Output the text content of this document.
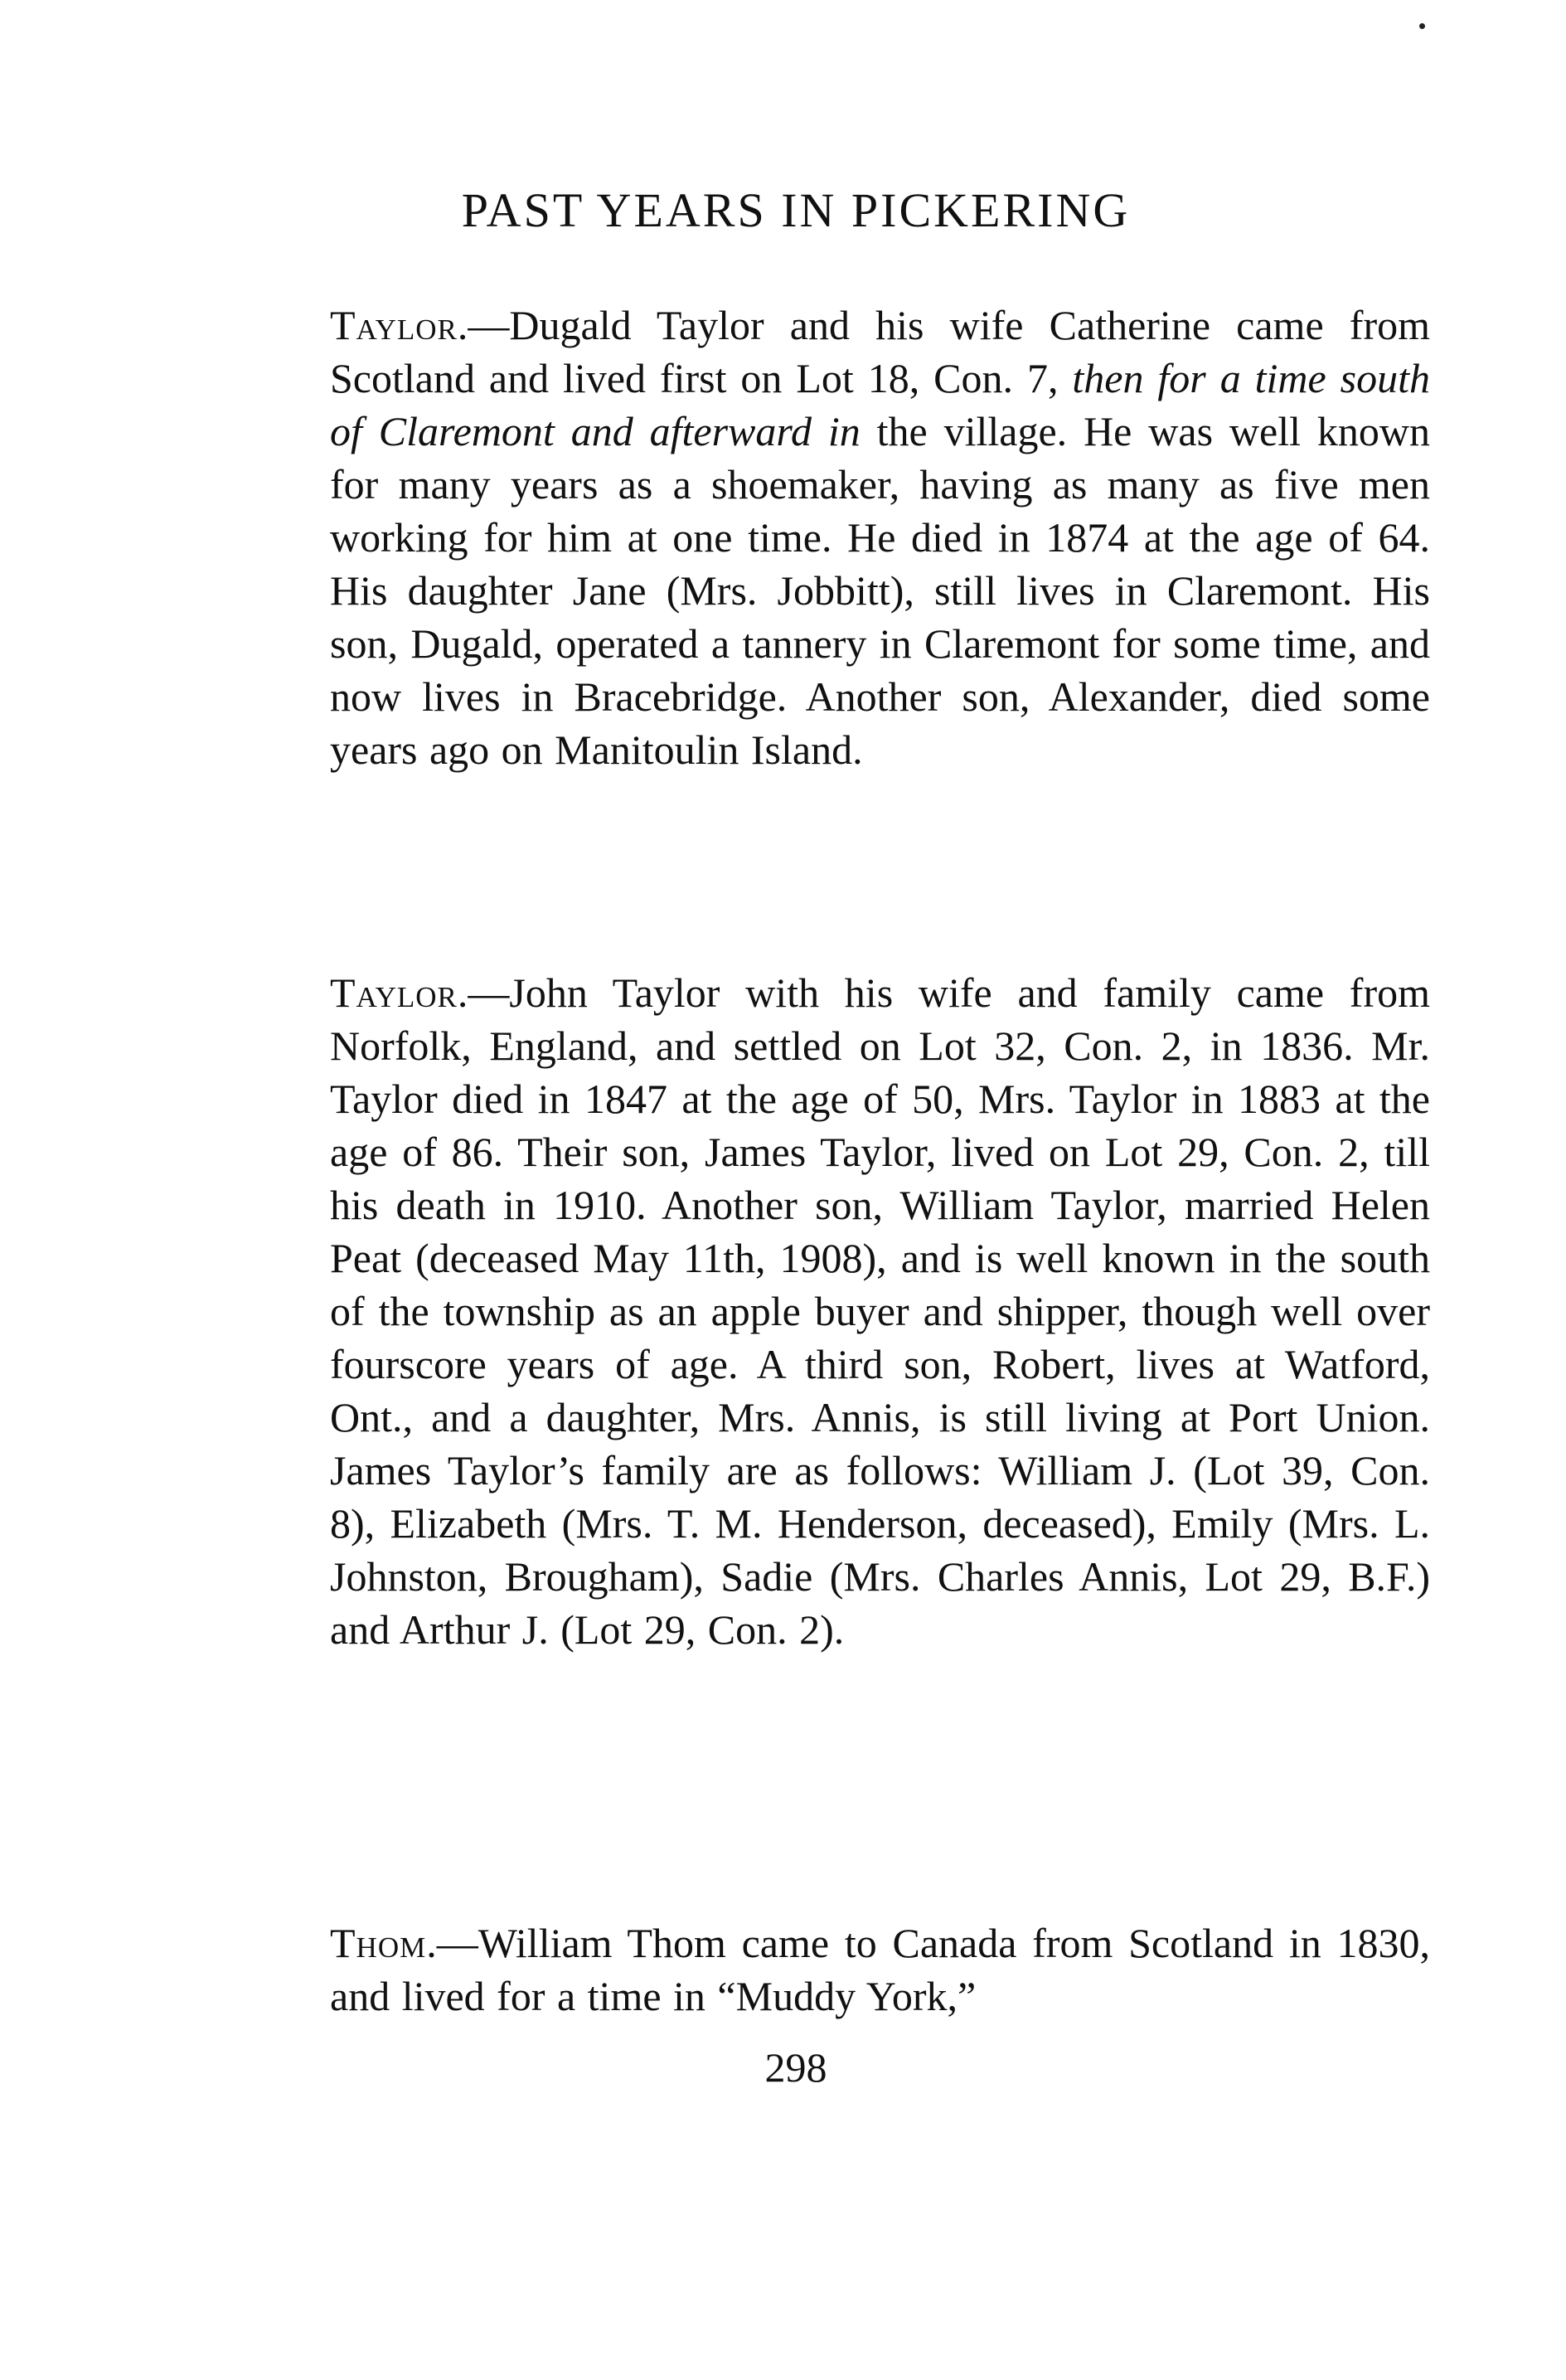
PAST YEARS IN PICKERING

Taylor.—Dugald Taylor and his wife Catherine came from Scotland and lived first on Lot 18, Con. 7, then for a time south of Claremont and afterward in the village. He was well known for many years as a shoemaker, having as many as five men working for him at one time. He died in 1874 at the age of 64. His daughter Jane (Mrs. Jobbitt), still lives in Claremont. His son, Dugald, operated a tannery in Claremont for some time, and now lives in Bracebridge. Another son, Alexander, died some years ago on Manitoulin Island.

Taylor.—John Taylor with his wife and family came from Norfolk, England, and settled on Lot 32, Con. 2, in 1836. Mr. Taylor died in 1847 at the age of 50, Mrs. Taylor in 1883 at the age of 86. Their son, James Taylor, lived on Lot 29, Con. 2, till his death in 1910. Another son, William Taylor, married Helen Peat (deceased May 11th, 1908), and is well known in the south of the township as an apple buyer and shipper, though well over fourscore years of age. A third son, Robert, lives at Watford, Ont., and a daughter, Mrs. Annis, is still living at Port Union. James Taylor’s family are as follows: William J. (Lot 39, Con. 8), Elizabeth (Mrs. T. M. Henderson, deceased), Emily (Mrs. L. Johnston, Brougham), Sadie (Mrs. Charles Annis, Lot 29, B.F.) and Arthur J. (Lot 29, Con. 2).

Thom.—William Thom came to Canada from Scotland in 1830, and lived for a time in “Muddy York,”

298
